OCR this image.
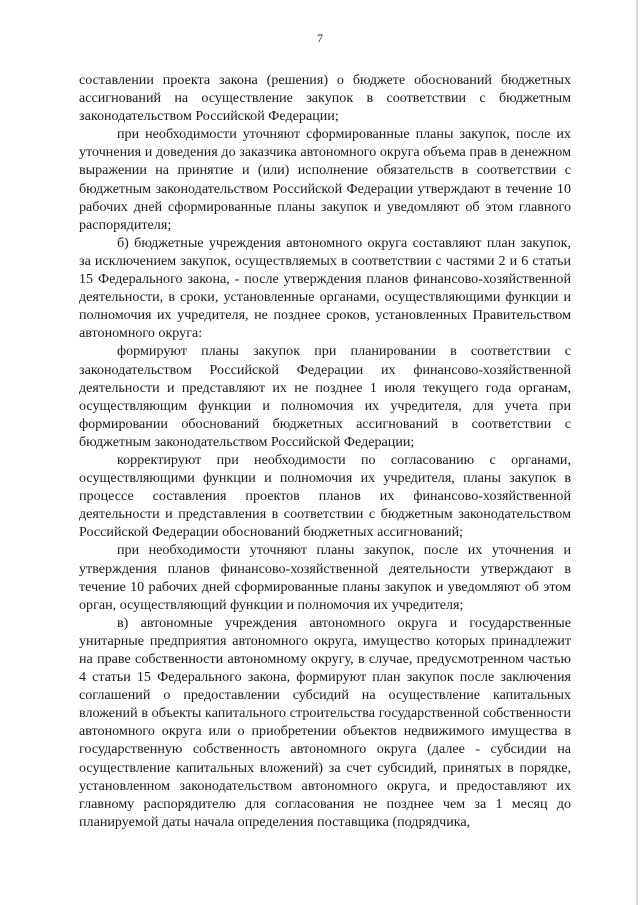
7

составлении проекта закона (решения) о бюджете обоснований бюджетных ассигнований на осуществление закупок в соответствии с бюджетным законодательством Российской Федерации;

при необходимости уточняют сформированные планы закупок, после их уточнения и доведения до заказчика автономного округа объема прав в денежном выражении на принятие и (или) исполнение обязательств в соответствии с бюджетным законодательством Российской Федерации утверждают в течение 10 рабочих дней сформированные планы закупок и уведомляют об этом главного распорядителя;

б) бюджетные учреждения автономного округа составляют план закупок, за исключением закупок, осуществляемых в соответствии с частями 2 и 6 статьи 15 Федерального закона, - после утверждения планов финансово-хозяйственной деятельности, в сроки, установленные органами, осуществляющими функции и полномочия их учредителя, не позднее сроков, установленных Правительством автономного округа:

формируют планы закупок при планировании в соответствии с законодательством Российской Федерации их финансово-хозяйственной деятельности и представляют их не позднее 1 июля текущего года органам, осуществляющим функции и полномочия их учредителя, для учета при формировании обоснований бюджетных ассигнований в соответствии с бюджетным законодательством Российской Федерации;

корректируют при необходимости по согласованию с органами, осуществляющими функции и полномочия их учредителя, планы закупок в процессе составления проектов планов их финансово-хозяйственной деятельности и представления в соответствии с бюджетным законодательством Российской Федерации обоснований бюджетных ассигнований;

при необходимости уточняют планы закупок, после их уточнения и утверждения планов финансово-хозяйственной деятельности утверждают в течение 10 рабочих дней сформированные планы закупок и уведомляют об этом орган, осуществляющий функции и полномочия их учредителя;

в) автономные учреждения автономного округа и государственные унитарные предприятия автономного округа, имущество которых принадлежит на праве собственности автономному округу, в случае, предусмотренном частью 4 статьи 15 Федерального закона, формируют план закупок после заключения соглашений о предоставлении субсидий на осуществление капитальных вложений в объекты капитального строительства государственной собственности автономного округа или о приобретении объектов недвижимого имущества в государственную собственность автономного округа (далее - субсидии на осуществление капитальных вложений) за счет субсидий, принятых в порядке, установленном законодательством автономного округа, и предоставляют их главному распорядителю для согласования не позднее чем за 1 месяц до планируемой даты начала определения поставщика (подрядчика,
